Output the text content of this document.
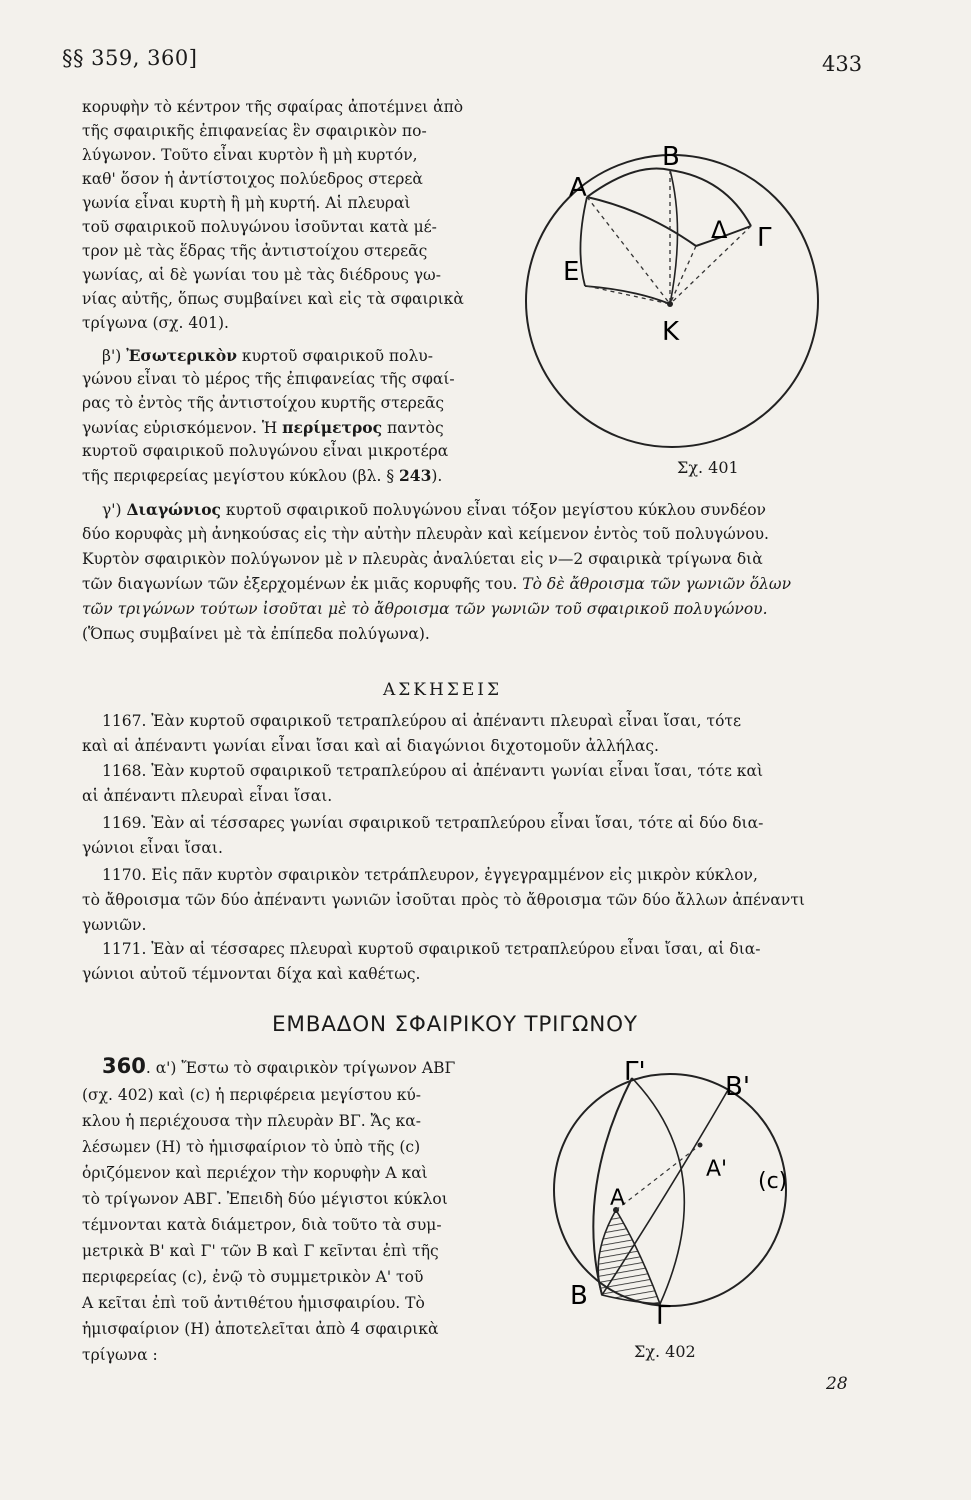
§§ 359, 360]	433
κορυφὴν τὸ κέντρον τῆς σφαίρας ἀποτέμνει ἀπὸ
τῆς σφαιρικῆς ἐπιφανείας ἓν σφαιρικὸν πο-
λύγωνον. Τοῦτο εἶναι κυρτὸν ἢ μὴ κυρτόν,
καθ' ὅσον ἡ ἀντίστοιχος πολύεδρος στερεὰ
γωνία εἶναι κυρτὴ ἢ μὴ κυρτή. Αἱ πλευραὶ
τοῦ σφαιρικοῦ πολυγώνου ἰσοῦνται κατὰ μέ-
τρον μὲ τὰς ἕδρας τῆς ἀντιστοίχου στερεᾶς
γωνίας, αἱ δὲ γωνίαι του μὲ τὰς διέδρους γω-
νίας αὐτῆς, ὅπως συμβαίνει καὶ εἰς τὰ σφαιρικὰ
τρίγωνα (σχ. 401).
β') Ἐσωτερικὸν κυρτοῦ σφαιρικοῦ πολυ-
γώνου εἶναι τὸ μέρος τῆς ἐπιφανείας τῆς σφαί-
ρας τὸ ἐντὸς τῆς ἀντιστοίχου κυρτῆς στερεᾶς
γωνίας εὑρισκόμενον. Ἡ περίμετρος παντὸς
κυρτοῦ σφαιρικοῦ πολυγώνου εἶναι μικροτέρα
τῆς περιφερείας μεγίστου κύκλου (βλ. § 243).
γ') Διαγώνιος κυρτοῦ σφαιρικοῦ πολυγώνου εἶναι τόξον μεγίστου κύκλου συνδέον
δύο κορυφὰς μὴ ἀνηκούσας εἰς τὴν αὐτὴν πλευρὰν καὶ κείμενον ἐντὸς τοῦ πολυγώνου.
Κυρτὸν σφαιρικὸν πολύγωνον μὲ ν πλευρὰς ἀναλύεται εἰς ν—2 σφαιρικὰ τρίγωνα διὰ
τῶν διαγωνίων τῶν ἐξερχομένων ἐκ μιᾶς κορυφῆς του. Τὸ δὲ ἄθροισμα τῶν γωνιῶν ὅλων
τῶν τριγώνων τούτων ἰσοῦται μὲ τὸ ἄθροισμα τῶν γωνιῶν τοῦ σφαιρικοῦ πολυγώνου.
(Ὅπως συμβαίνει μὲ τὰ ἐπίπεδα πολύγωνα).
ΑΣΚΗΣΕΙΣ
1167. Ἐὰν κυρτοῦ σφαιρικοῦ τετραπλεύρου αἱ ἀπέναντι πλευραὶ εἶναι ἴσαι, τότε
καὶ αἱ ἀπέναντι γωνίαι εἶναι ἴσαι καὶ αἱ διαγώνιοι διχοτομοῦν ἀλλήλας.
1168. Ἐὰν κυρτοῦ σφαιρικοῦ τετραπλεύρου αἱ ἀπέναντι γωνίαι εἶναι ἴσαι, τότε καὶ
αἱ ἀπέναντι πλευραὶ εἶναι ἴσαι.
1169. Ἐὰν αἱ τέσσαρες γωνίαι σφαιρικοῦ τετραπλεύρου εἶναι ἴσαι, τότε αἱ δύο δια-
γώνιοι εἶναι ἴσαι.
1170. Εἰς πᾶν κυρτὸν σφαιρικὸν τετράπλευρον, ἐγγεγραμμένον εἰς μικρὸν κύκλον,
τὸ ἄθροισμα τῶν δύο ἀπέναντι γωνιῶν ἰσοῦται πρὸς τὸ ἄθροισμα τῶν δύο ἄλλων ἀπέναντι
γωνιῶν.
1171. Ἐὰν αἱ τέσσαρες πλευραὶ κυρτοῦ σφαιρικοῦ τετραπλεύρου εἶναι ἴσαι, αἱ δια-
γώνιοι αὐτοῦ τέμνονται δίχα καὶ καθέτως.
ΕΜΒΑΔΟΝ ΣΦΑΙΡΙΚΟΥ ΤΡΙΓΩΝΟΥ
360. α') Ἔστω τὸ σφαιρικὸν τρίγωνον ΑΒΓ
(σχ. 402) καὶ (c) ἡ περιφέρεια μεγίστου κύ-
κλου ἡ περιέχουσα τὴν πλευρὰν ΒΓ. Ἄς κα-
λέσωμεν (Η) τὸ ἡμισφαίριον τὸ ὑπὸ τῆς (c)
ὁριζόμενον καὶ περιέχον τὴν κορυφὴν Α καὶ
τὸ τρίγωνον ΑΒΓ. Ἐπειδὴ δύο μέγιστοι κύκλοι
τέμνονται κατὰ διάμετρον, διὰ τοῦτο τὰ συμ-
μετρικὰ Β' καὶ Γ' τῶν Β καὶ Γ κεῖνται ἐπὶ τῆς
περιφερείας (c), ἐνῷ τὸ συμμετρικὸν Α' τοῦ
Α κεῖται ἐπὶ τοῦ ἀντιθέτου ἡμισφαιρίου. Τὸ
ἡμισφαίριον (Η) ἀποτελεῖται ἀπὸ 4 σφαιρικὰ
τρίγωνα :
Α
Β
Γ
Δ
Ε
Κ
Σχ. 401
Γ'	Β'
Α'
Α
(c)
Β
Γ
Σχ. 402
28
